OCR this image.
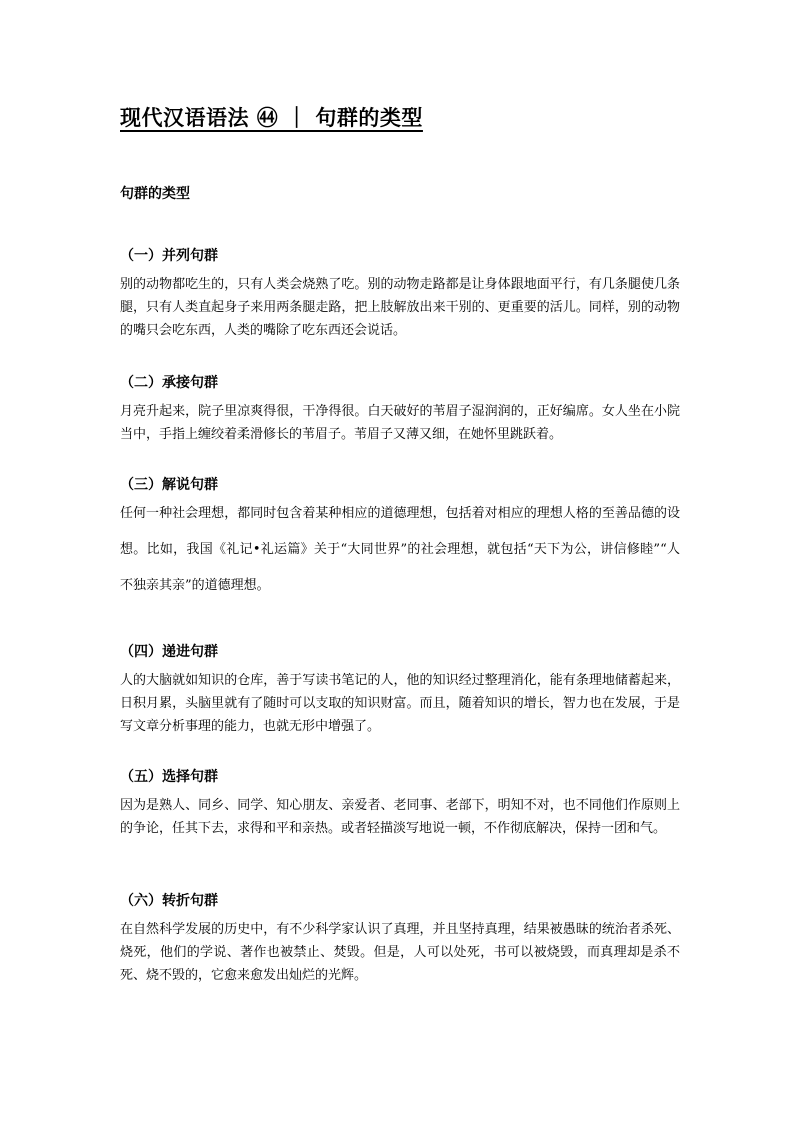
现代汉语语法 ㊹ ｜ 句群的类型
句群的类型
（一）并列句群
别的动物都吃生的，只有人类会烧熟了吃。别的动物走路都是让身体跟地面平行，有几条腿使几条腿，只有人类直起身子来用两条腿走路，把上肢解放出来干别的、更重要的活儿。同样，别的动物的嘴只会吃东西，人类的嘴除了吃东西还会说话。
（二）承接句群
月亮升起来，院子里凉爽得很，干净得很。白天破好的苇眉子湿润润的，正好编席。女人坐在小院当中，手指上缠绞着柔滑修长的苇眉子。苇眉子又薄又细，在她怀里跳跃着。
（三）解说句群
任何一种社会理想，都同时包含着某种相应的道德理想，包括着对相应的理想人格的至善品德的设想。比如，我国《礼记•礼运篇》关于“大同世界”的社会理想，就包括“天下为公，讲信修睦”“人不独亲其亲”的道德理想。
（四）递进句群
人的大脑就如知识的仓库，善于写读书笔记的人，他的知识经过整理消化，能有条理地储蓄起来，日积月累，头脑里就有了随时可以支取的知识财富。而且，随着知识的增长，智力也在发展，于是写文章分析事理的能力，也就无形中增强了。
（五）选择句群
因为是熟人、同乡、同学、知心朋友、亲爱者、老同事、老部下，明知不对，也不同他们作原则上的争论，任其下去，求得和平和亲热。或者轻描淡写地说一顿，不作彻底解决，保持一团和气。
（六）转折句群
在自然科学发展的历史中，有不少科学家认识了真理，并且坚持真理，结果被愚昧的统治者杀死、烧死，他们的学说、著作也被禁止、焚毁。但是，人可以处死，书可以被烧毁，而真理却是杀不死、烧不毁的，它愈来愈发出灿烂的光辉。
